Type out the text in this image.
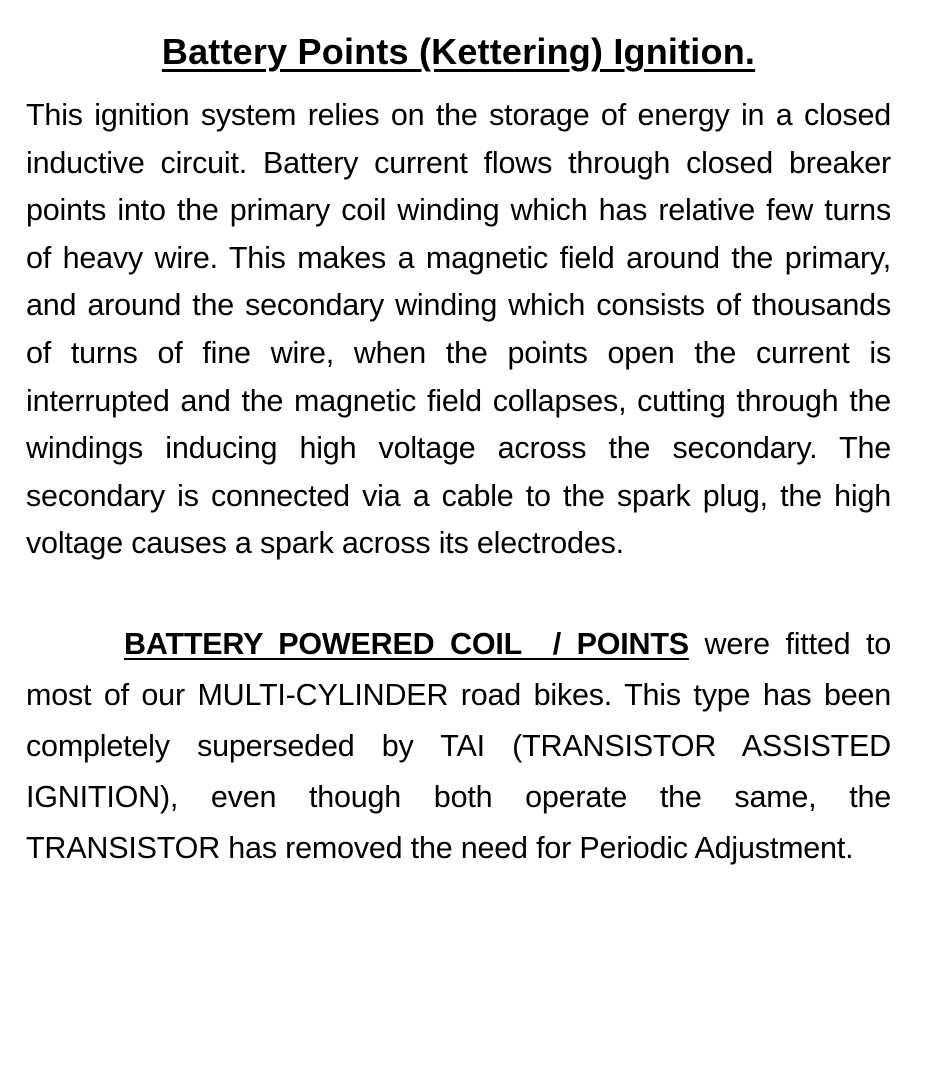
Battery Points (Kettering) Ignition.

This ignition system relies on the storage of energy in a closed inductive circuit. Battery current flows through closed breaker points into the primary coil winding which has relative few turns of heavy wire. This makes a magnetic field around the primary, and around the secondary winding which consists of thousands of turns of fine wire, when the points open the current is interrupted and the magnetic field collapses, cutting through the windings inducing high voltage across the secondary. The secondary is connected via a cable to the spark plug, the high voltage causes a spark across its electrodes.

BATTERY POWERED COIL  / POINTS were fitted to most of our MULTI-CYLINDER road bikes. This type has been completely superseded by TAI (TRANSISTOR ASSISTED IGNITION), even though both operate the same, the TRANSISTOR has removed the need for Periodic Adjustment.
